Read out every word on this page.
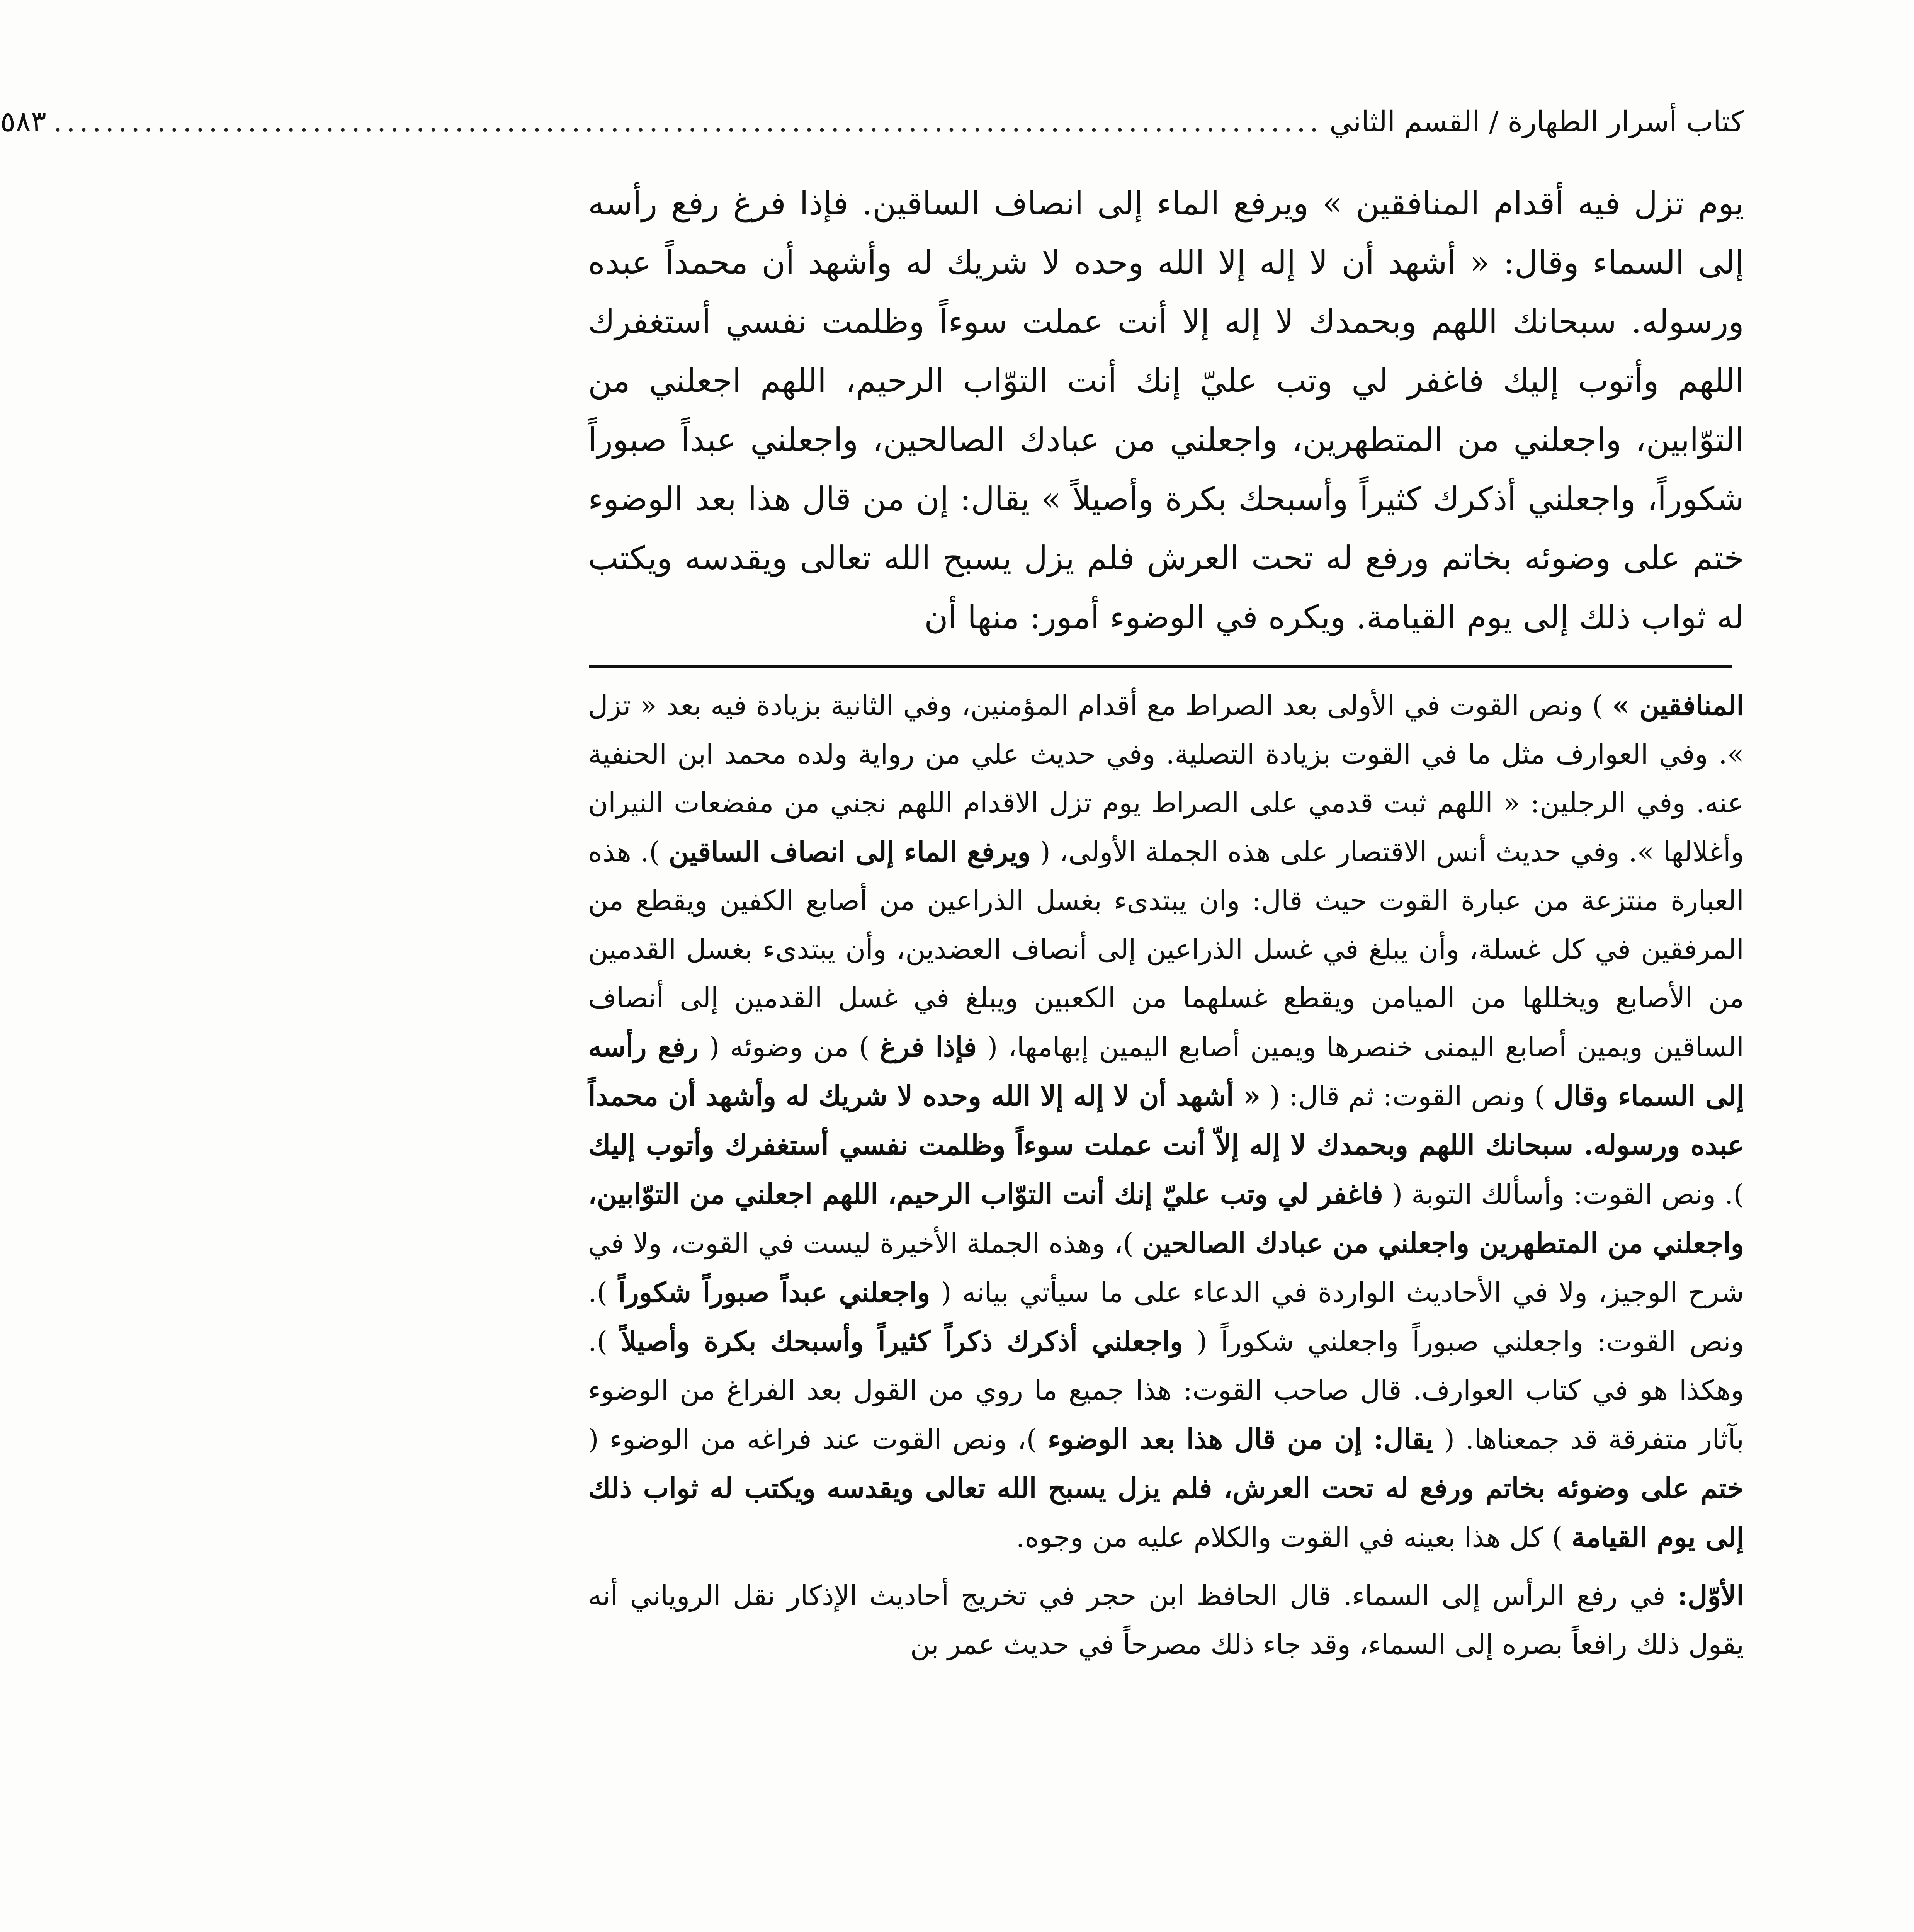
كتاب أسرار الطهارة / القسم الثاني
..................................................................................................
٥٨٣
يوم تزل فيه أقدام المنافقين » ويرفع الماء إلى انصاف الساقين. فإذا فرغ رفع رأسه إلى السماء وقال: « أشهد أن لا إله إلا الله وحده لا شريك له وأشهد أن محمداً عبده ورسوله. سبحانك اللهم وبحمدك لا إله إلا أنت عملت سوءاً وظلمت نفسي أستغفرك اللهم وأتوب إليك فاغفر لي وتب عليّ إنك أنت التوّاب الرحيم، اللهم اجعلني من التوّابين، واجعلني من المتطهرين، واجعلني من عبادك الصالحين، واجعلني عبداً صبوراً شكوراً، واجعلني أذكرك كثيراً وأسبحك بكرة وأصيلاً » يقال: إن من قال هذا بعد الوضوء ختم على وضوئه بخاتم ورفع له تحت العرش فلم يزل يسبح الله تعالى ويقدسه ويكتب له ثواب ذلك إلى يوم القيامة. ويكره في الوضوء أمور: منها أن

المنافقين » ) ونص القوت في الأولى بعد الصراط مع أقدام المؤمنين، وفي الثانية بزيادة فيه بعد « تزل ». وفي العوارف مثل ما في القوت بزيادة التصلية. وفي حديث علي من رواية ولده محمد ابن الحنفية عنه. وفي الرجلين: « اللهم ثبت قدمي على الصراط يوم تزل الاقدام اللهم نجني من مفضعات النيران وأغلالها ». وفي حديث أنس الاقتصار على هذه الجملة الأولى، ( ويرفع الماء إلى انصاف الساقين ). هذه العبارة منتزعة من عبارة القوت حيث قال: وان يبتدىء بغسل الذراعين من أصابع الكفين ويقطع من المرفقين في كل غسلة، وأن يبلغ في غسل الذراعين إلى أنصاف العضدين، وأن يبتدىء بغسل القدمين من الأصابع ويخللها من الميامن ويقطع غسلهما من الكعبين ويبلغ في غسل القدمين إلى أنصاف الساقين ويمين أصابع اليمنى خنصرها ويمين أصابع اليمين إبهامها، ( فإذا فرغ ) من وضوئه ( رفع رأسه إلى السماء وقال ) ونص القوت: ثم قال: ( « أشهد أن لا إله إلا الله وحده لا شريك له وأشهد أن محمداً عبده ورسوله. سبحانك اللهم وبحمدك لا إله إلاّ أنت عملت سوءاً وظلمت نفسي أستغفرك وأتوب إليك ). ونص القوت: وأسألك التوبة ( فاغفر لي وتب عليّ إنك أنت التوّاب الرحيم، اللهم اجعلني من التوّابين، واجعلني من المتطهرين واجعلني من عبادك الصالحين )، وهذه الجملة الأخيرة ليست في القوت، ولا في شرح الوجيز، ولا في الأحاديث الواردة في الدعاء على ما سيأتي بيانه ( واجعلني عبداً صبوراً شكوراً ). ونص القوت: واجعلني صبوراً واجعلني شكوراً ( واجعلني أذكرك ذكراً كثيراً وأسبحك بكرة وأصيلاً ). وهكذا هو في كتاب العوارف. قال صاحب القوت: هذا جميع ما روي من القول بعد الفراغ من الوضوء بآثار متفرقة قد جمعناها. ( يقال: إن من قال هذا بعد الوضوء )، ونص القوت عند فراغه من الوضوء ( ختم على وضوئه بخاتم ورفع له تحت العرش، فلم يزل يسبح الله تعالى ويقدسه ويكتب له ثواب ذلك إلى يوم القيامة ) كل هذا بعينه في القوت والكلام عليه من وجوه.

الأوّل: في رفع الرأس إلى السماء. قال الحافظ ابن حجر في تخريج أحاديث الإذكار نقل الروياني أنه يقول ذلك رافعاً بصره إلى السماء، وقد جاء ذلك مصرحاً في حديث عمر بن
